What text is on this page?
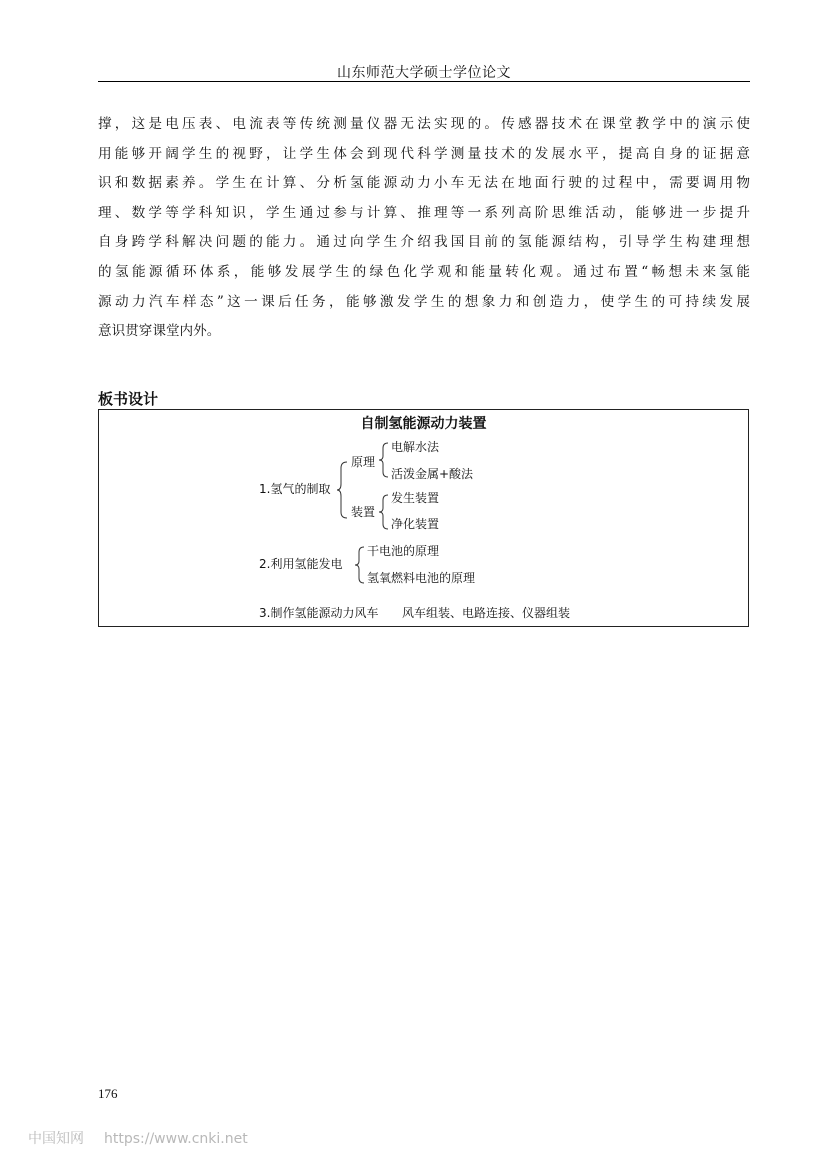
山东师范大学硕士学位论文
撑，这是电压表、电流表等传统测量仪器无法实现的。传感器技术在课堂教学中的演示使
用能够开阔学生的视野，让学生体会到现代科学测量技术的发展水平，提高自身的证据意
识和数据素养。学生在计算、分析氢能源动力小车无法在地面行驶的过程中，需要调用物
理、数学等学科知识，学生通过参与计算、推理等一系列高阶思维活动，能够进一步提升
自身跨学科解决问题的能力。通过向学生介绍我国目前的氢能源结构，引导学生构建理想
的氢能源循环体系，能够发展学生的绿色化学观和能量转化观。通过布置“畅想未来氢能
源动力汽车样态”这一课后任务，能够激发学生的想象力和创造力，使学生的可持续发展
意识贯穿课堂内外。
板书设计
自制氢能源动力装置
1.氢气的制取
原理
电解水法
活泼金属+酸法
装置
发生装置
净化装置
2.利用氢能发电
干电池的原理
氢氧燃料电池的原理
3.制作氢能源动力风车 风车组装、电路连接、仪器组装
176
中国知网 https://www.cnki.net
